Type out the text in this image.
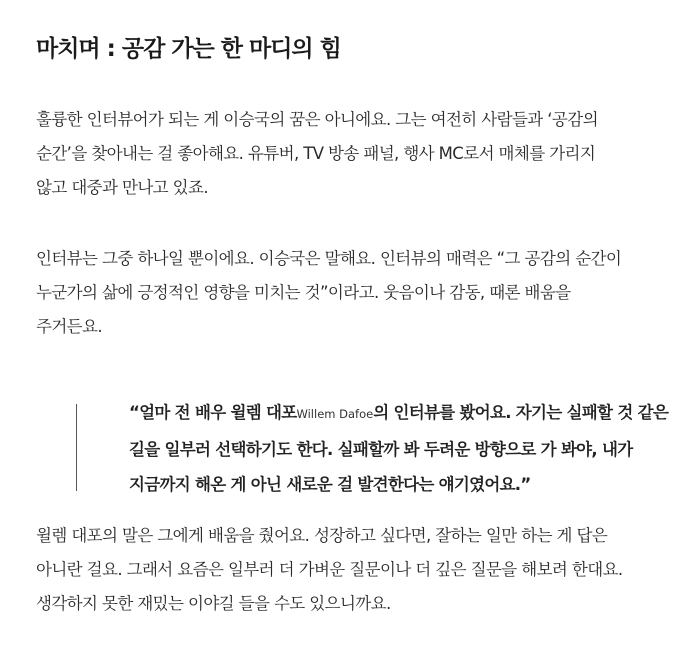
마치며 : 공감 가는 한 마디의 힘

훌륭한 인터뷰어가 되는 게 이승국의 꿈은 아니에요. 그는 여전히 사람들과 ‘공감의
순간’을 찾아내는 걸 좋아해요. 유튜버, TV 방송 패널, 행사 MC로서 매체를 가리지
않고 대중과 만나고 있죠.

인터뷰는 그중 하나일 뿐이에요. 이승국은 말해요. 인터뷰의 매력은 “그 공감의 순간이
누군가의 삶에 긍정적인 영향을 미치는 것”이라고. 웃음이나 감동, 때론 배움을
주거든요.

“얼마 전 배우 윌렘 대포Willem Dafoe의 인터뷰를 봤어요. 자기는 실패할 것 같은
길을 일부러 선택하기도 한다. 실패할까 봐 두려운 방향으로 가 봐야, 내가
지금까지 해온 게 아닌 새로운 걸 발견한다는 얘기였어요.”

윌렘 대포의 말은 그에게 배움을 줬어요. 성장하고 싶다면, 잘하는 일만 하는 게 답은
아니란 걸요. 그래서 요즘은 일부러 더 가벼운 질문이나 더 깊은 질문을 해보려 한대요.
생각하지 못한 재밌는 이야길 들을 수도 있으니까요.
